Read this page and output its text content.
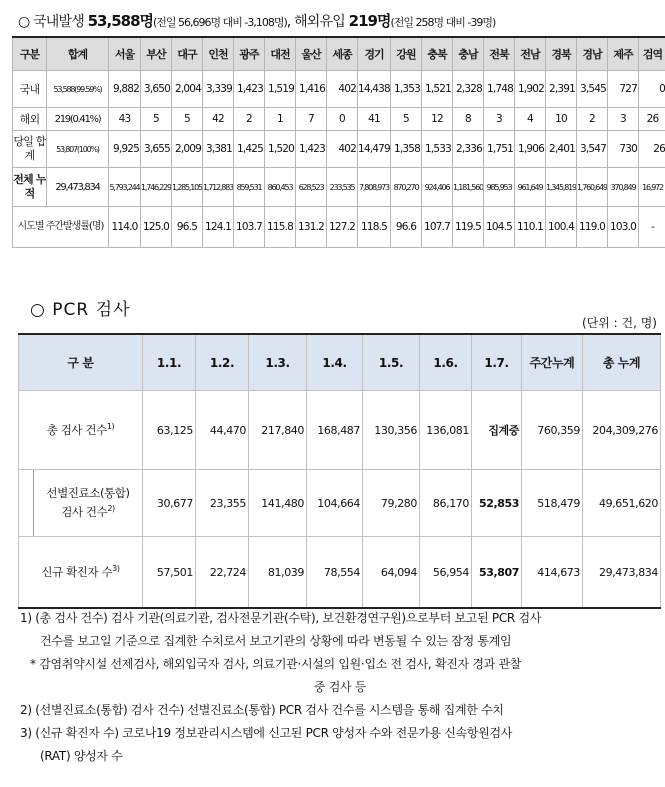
○ 국내발생 53,588명(전일 56,696명 대비 -3,108명), 해외유입 219명(전일 258명 대비 -39명)
구분	합계	서울	부산	대구	인천	광주	대전	울산	세종	경기	강원	충북	충남	전북	전남	경북	경남	제주	검역
국내	53,588(99.59%)	9,882	3,650	2,004	3,339	1,423	1,519	1,416	402	14,438	1,353	1,521	2,328	1,748	1,902	2,391	3,545	727	0
해외	219(0.41%)	43	5	5	42	2	1	7	0	41	5	12	8	3	4	10	2	3	26
당일 합계	53,807(100%)	9,925	3,655	2,009	3,381	1,425	1,520	1,423	402	14,479	1,358	1,533	2,336	1,751	1,906	2,401	3,547	730	26
전체 누적	29,473,834	5,793,244	1,746,229	1,285,105	1,712,883	859,531	860,453	628,523	233,535	7,808,973	870,270	924,406	1,181,560	985,953	961,649	1,345,819	1,760,649	370,849	16,972
시도별 주간발생률(명)		114.0	125.0	96.5	124.1	103.7	115.8	131.2	127.2	118.5	96.6	107.7	119.5	104.5	110.1	100.4	119.0	103.0	-
○ PCR 검사
(단위 : 건, 명)
구 분	1.1.	1.2.	1.3.	1.4.	1.5.	1.6.	1.7.	주간누계	총 누계
총 검사 건수$^{1)}$	63,125	44,470	217,840	168,487	130,356	136,081	집계중	760,359	204,309,276

선별진료소(통합)
검사 건수$^{2)}$	30,677	23,355	141,480	104,664	79,280	86,170	52,853	518,479	49,651,620
신규 확진자 수$^{3)}$	57,501	22,724	81,039	78,554	64,094	56,954	53,807	414,673	29,473,834

1) (총 검사 건수) 검사 기관(의료기관, 검사전문기관(수탁), 보건환경연구원)으로부터 보고된 PCR 검사

건수를 보고일 기준으로 집계한 수치로서 보고기관의 상황에 따라 변동될 수 있는 잠정 통계임

* 감염취약시설 선제검사, 해외입국자 검사, 의료기관·시설의 입원·입소 전 검사, 확진자 경과 관찰

중 검사 등

2) (선별진료소(통합) 검사 건수) 선별진료소(통합) PCR 검사 건수를 시스템을 통해 집계한 수치

3) (신규 확진자 수) 코로나19 정보관리시스템에 신고된 PCR 양성자 수와 전문가용 신속항원검사

(RAT) 양성자 수
